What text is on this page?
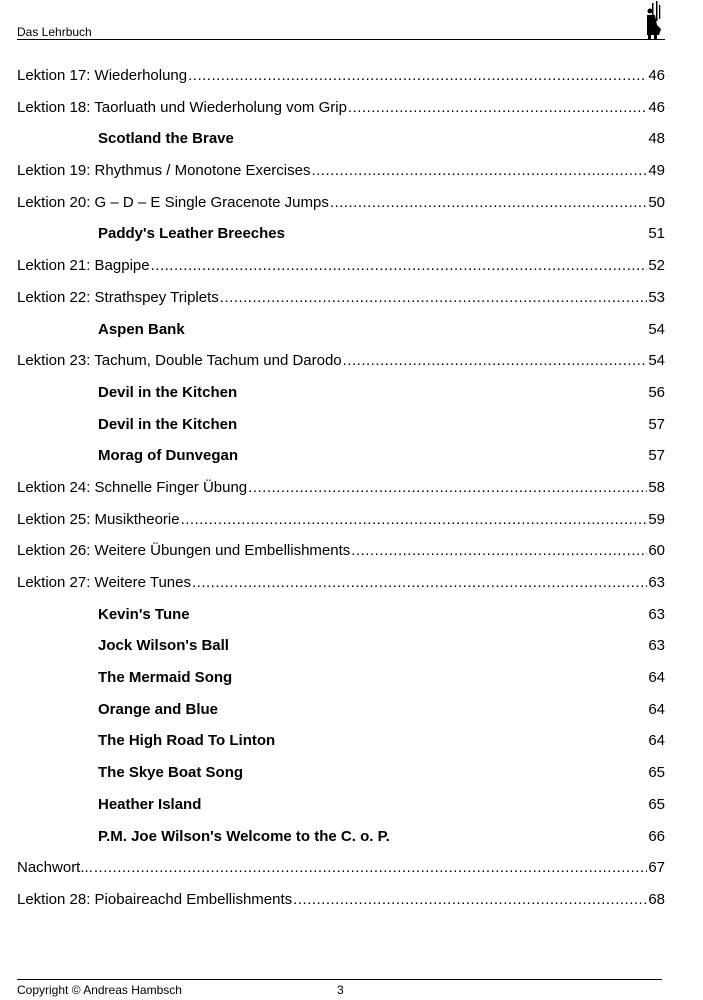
Das Lehrbuch
Lektion 17: Wiederholung .....	46
Lektion 18: Taorluath und Wiederholung vom Grip .....	46
Scotland the Brave	48
Lektion 19: Rhythmus / Monotone Exercises .....	49
Lektion 20: G – D – E Single Gracenote Jumps .....	50
Paddy's Leather Breeches	51
Lektion 21: Bagpipe .....	52
Lektion 22: Strathspey Triplets .....	53
Aspen Bank	54
Lektion 23: Tachum, Double Tachum und Darodo .....	54
Devil in the Kitchen	56
Devil in the Kitchen	57
Morag of Dunvegan	57
Lektion 24: Schnelle Finger Übung .....	58
Lektion 25: Musiktheorie .....	59
Lektion 26: Weitere Übungen und Embellishments .....	60
Lektion 27: Weitere Tunes .....	63
Kevin's Tune	63
Jock Wilson's Ball	63
The Mermaid Song	64
Orange and Blue	64
The High Road To Linton	64
The Skye Boat Song	65
Heather Island	65
P.M. Joe Wilson's Welcome to the C. o. P.	66
Nachwort... .....	67
Lektion 28: Piobaireachd Embellishments .....	68
Copyright © Andreas Hambsch	3
